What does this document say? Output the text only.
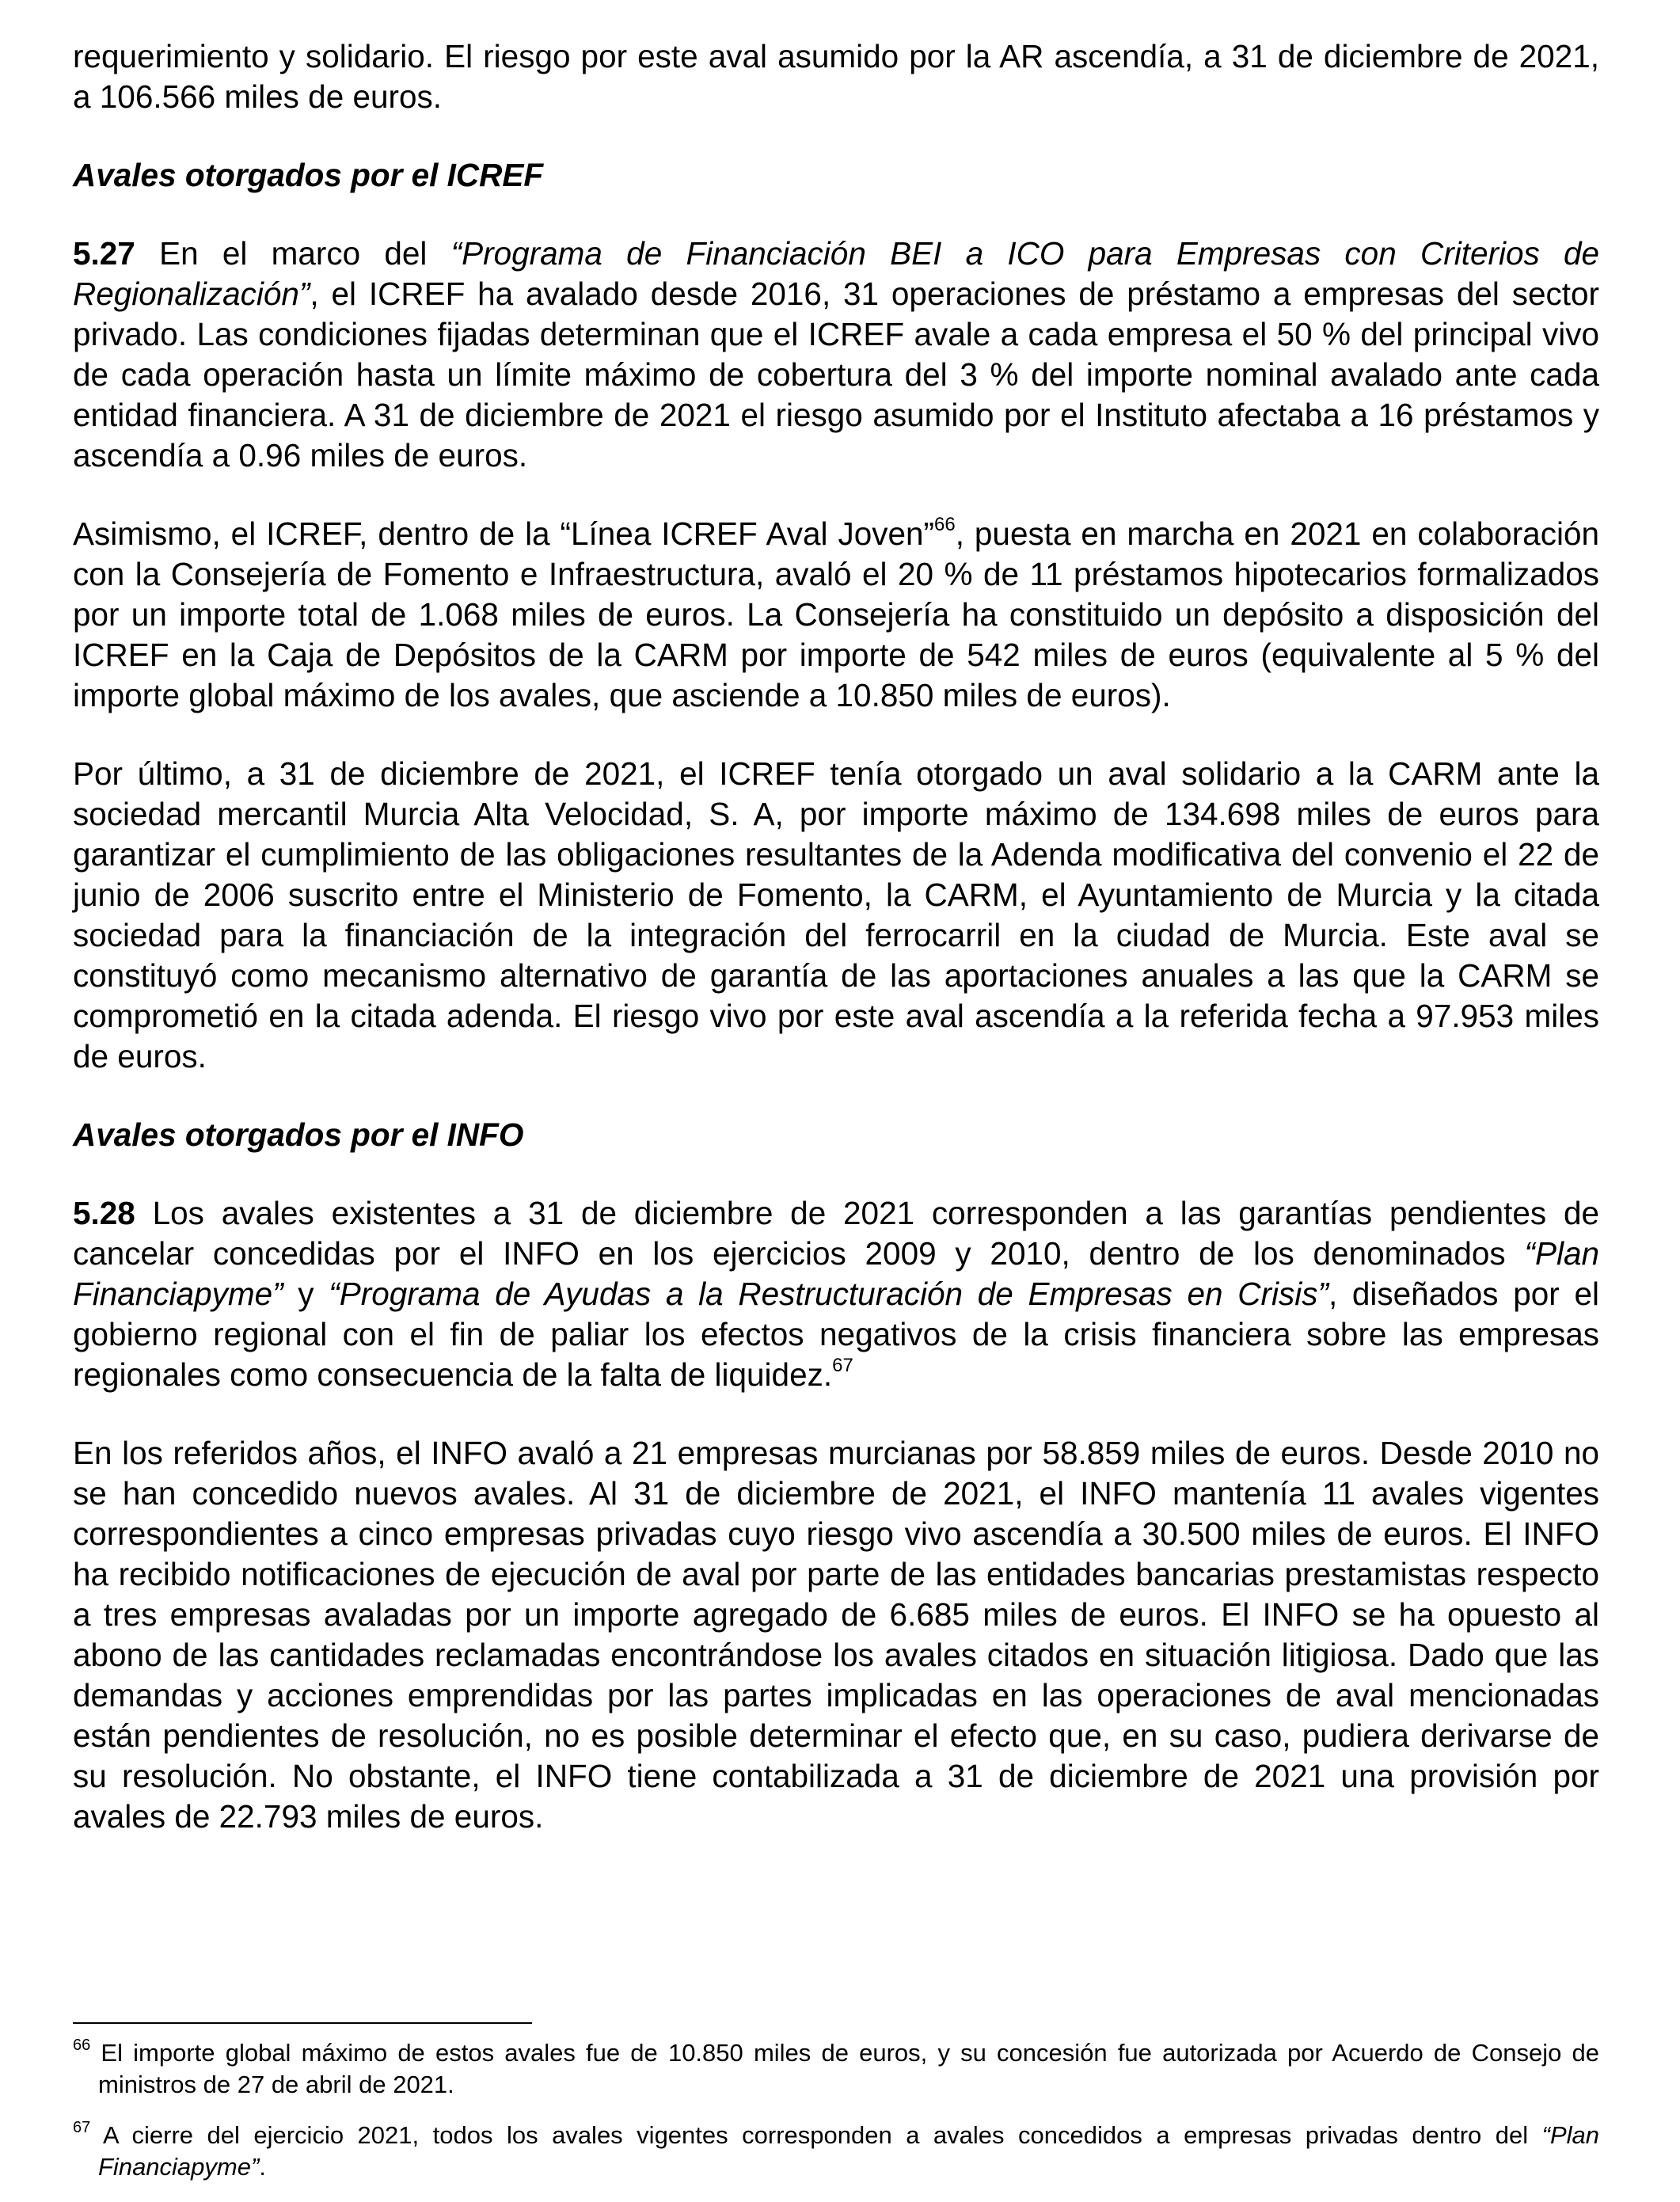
requerimiento y solidario. El riesgo por este aval asumido por la AR ascendía, a 31 de diciembre de 2021, a 106.566 miles de euros.

Avales otorgados por el ICREF

5.27 En el marco del “Programa de Financiación BEI a ICO para Empresas con Criterios de Regionalización”, el ICREF ha avalado desde 2016, 31 operaciones de préstamo a empresas del sector privado. Las condiciones fijadas determinan que el ICREF avale a cada empresa el 50 % del principal vivo de cada operación hasta un límite máximo de cobertura del 3 % del importe nominal avalado ante cada entidad financiera. A 31 de diciembre de 2021 el riesgo asumido por el Instituto afectaba a 16 préstamos y ascendía a 0.96 miles de euros.

Asimismo, el ICREF, dentro de la “Línea ICREF Aval Joven”$^{66}$, puesta en marcha en 2021 en colaboración con la Consejería de Fomento e Infraestructura, avaló el 20 % de 11 préstamos hipotecarios formalizados por un importe total de 1.068 miles de euros. La Consejería ha constituido un depósito a disposición del ICREF en la Caja de Depósitos de la CARM por importe de 542 miles de euros (equivalente al 5 % del importe global máximo de los avales, que asciende a 10.850 miles de euros).

Por último, a 31 de diciembre de 2021, el ICREF tenía otorgado un aval solidario a la CARM ante la sociedad mercantil Murcia Alta Velocidad, S. A, por importe máximo de 134.698 miles de euros para garantizar el cumplimiento de las obligaciones resultantes de la Adenda modificativa del convenio el 22 de junio de 2006 suscrito entre el Ministerio de Fomento, la CARM, el Ayuntamiento de Murcia y la citada sociedad para la financiación de la integración del ferrocarril en la ciudad de Murcia. Este aval se constituyó como mecanismo alternativo de garantía de las aportaciones anuales a las que la CARM se comprometió en la citada adenda. El riesgo vivo por este aval ascendía a la referida fecha a 97.953 miles de euros.

Avales otorgados por el INFO

5.28 Los avales existentes a 31 de diciembre de 2021 corresponden a las garantías pendientes de cancelar concedidas por el INFO en los ejercicios 2009 y 2010, dentro de los denominados “Plan Financiapyme” y “Programa de Ayudas a la Restructuración de Empresas en Crisis”, diseñados por el gobierno regional con el fin de paliar los efectos negativos de la crisis financiera sobre las empresas regionales como consecuencia de la falta de liquidez.$^{67}$

En los referidos años, el INFO avaló a 21 empresas murcianas por 58.859 miles de euros. Desde 2010 no se han concedido nuevos avales. Al 31 de diciembre de 2021, el INFO mantenía 11 avales vigentes correspondientes a cinco empresas privadas cuyo riesgo vivo ascendía a 30.500 miles de euros. El INFO ha recibido notificaciones de ejecución de aval por parte de las entidades bancarias prestamistas respecto a tres empresas avaladas por un importe agregado de 6.685 miles de euros. El INFO se ha opuesto al abono de las cantidades reclamadas encontrándose los avales citados en situación litigiosa. Dado que las demandas y acciones emprendidas por las partes implicadas en las operaciones de aval mencionadas están pendientes de resolución, no es posible determinar el efecto que, en su caso, pudiera derivarse de su resolución. No obstante, el INFO tiene contabilizada a 31 de diciembre de 2021 una provisión por avales de 22.793 miles de euros.

$^{66}$ El importe global máximo de estos avales fue de 10.850 miles de euros, y su concesión fue autorizada por Acuerdo de Consejo de ministros de 27 de abril de 2021.

$^{67}$ A cierre del ejercicio 2021, todos los avales vigentes corresponden a avales concedidos a empresas privadas dentro del “Plan Financiapyme”.
